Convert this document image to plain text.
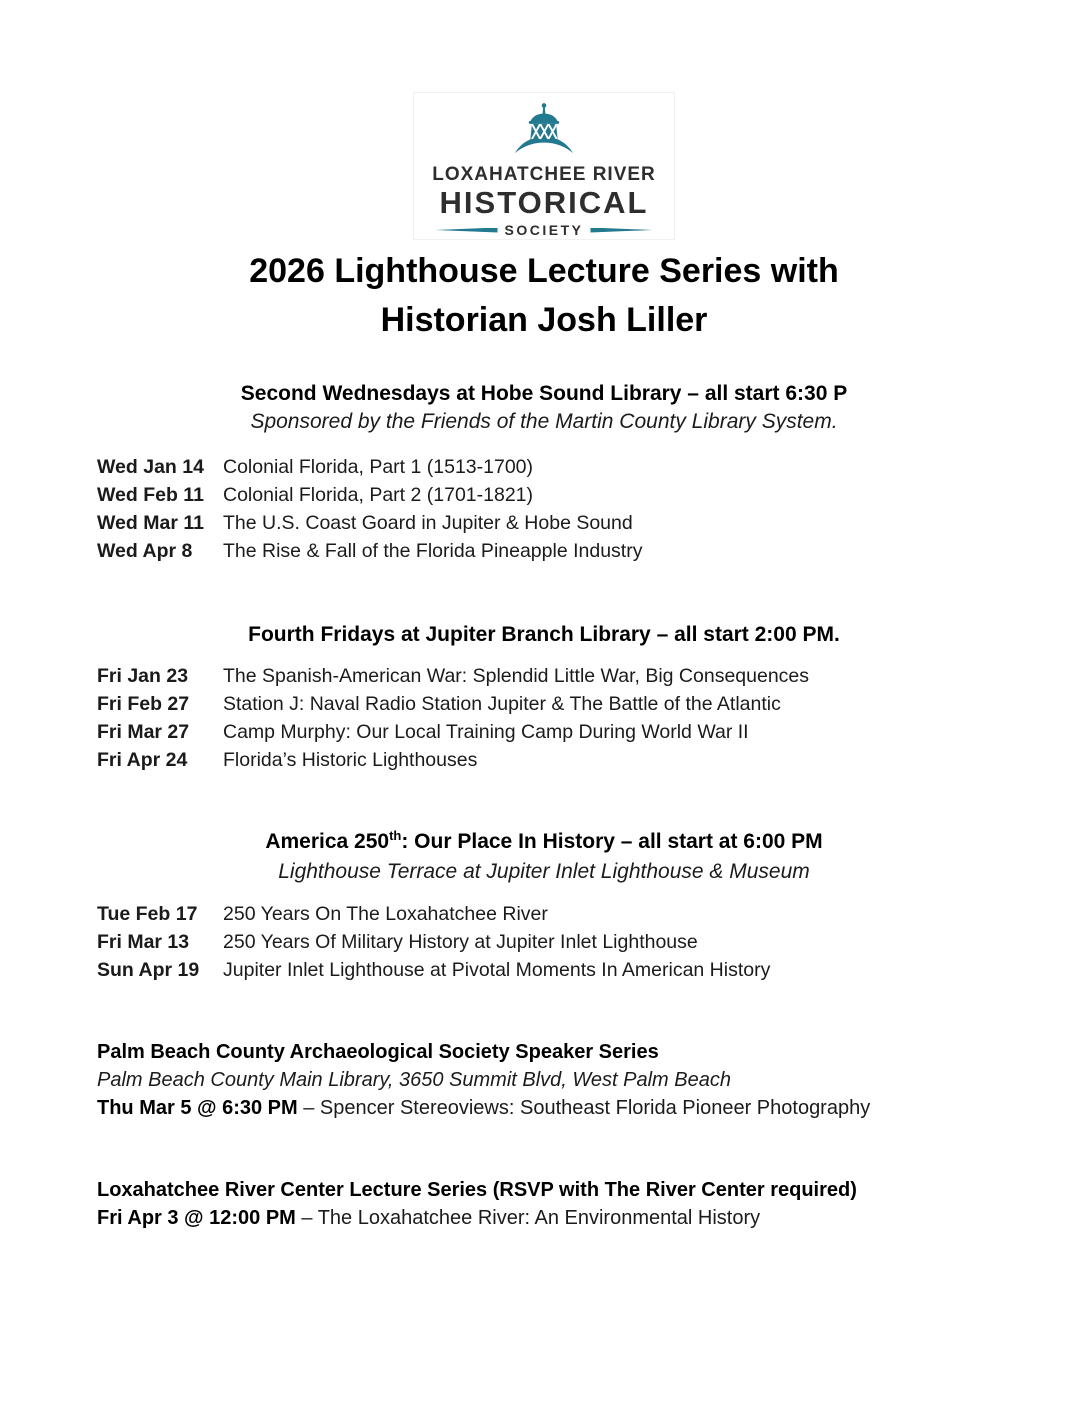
LOXAHATCHEE RIVER
HISTORICAL
SOCIETY
2026 Lighthouse Lecture Series with
Historian Josh Liller
Second Wednesdays at Hobe Sound Library – all start 6:30 P
Sponsored by the Friends of the Martin County Library System.
Wed Jan 14 Colonial Florida, Part 1 (1513-1700)
Wed Feb 11 Colonial Florida, Part 2 (1701-1821)
Wed Mar 11 The U.S. Coast Goard in Jupiter & Hobe Sound
Wed Apr 8	The Rise & Fall of the Florida Pineapple Industry
Fourth Fridays at Jupiter Branch Library – all start 2:00 PM.
Fri Jan 23	The Spanish-American War: Splendid Little War, Big Consequences
Fri Feb 27	Station J: Naval Radio Station Jupiter & The Battle of the Atlantic
Fri Mar 27	Camp Murphy: Our Local Training Camp During World War II
Fri Apr 24	Florida’s Historic Lighthouses
America 250th: Our Place In History – all start at 6:00 PM
Lighthouse Terrace at Jupiter Inlet Lighthouse & Museum
Tue Feb 17	250 Years On The Loxahatchee River
Fri Mar 13	250 Years Of Military History at Jupiter Inlet Lighthouse
Sun Apr 19	Jupiter Inlet Lighthouse at Pivotal Moments In American History

Palm Beach County Archaeological Society Speaker Series

Palm Beach County Main Library, 3650 Summit Blvd, West Palm Beach

Thu Mar 5 @ 6:30 PM – Spencer Stereoviews: Southeast Florida Pioneer Photography

Loxahatchee River Center Lecture Series (RSVP with The River Center required)

Fri Apr 3 @ 12:00 PM – The Loxahatchee River: An Environmental History
